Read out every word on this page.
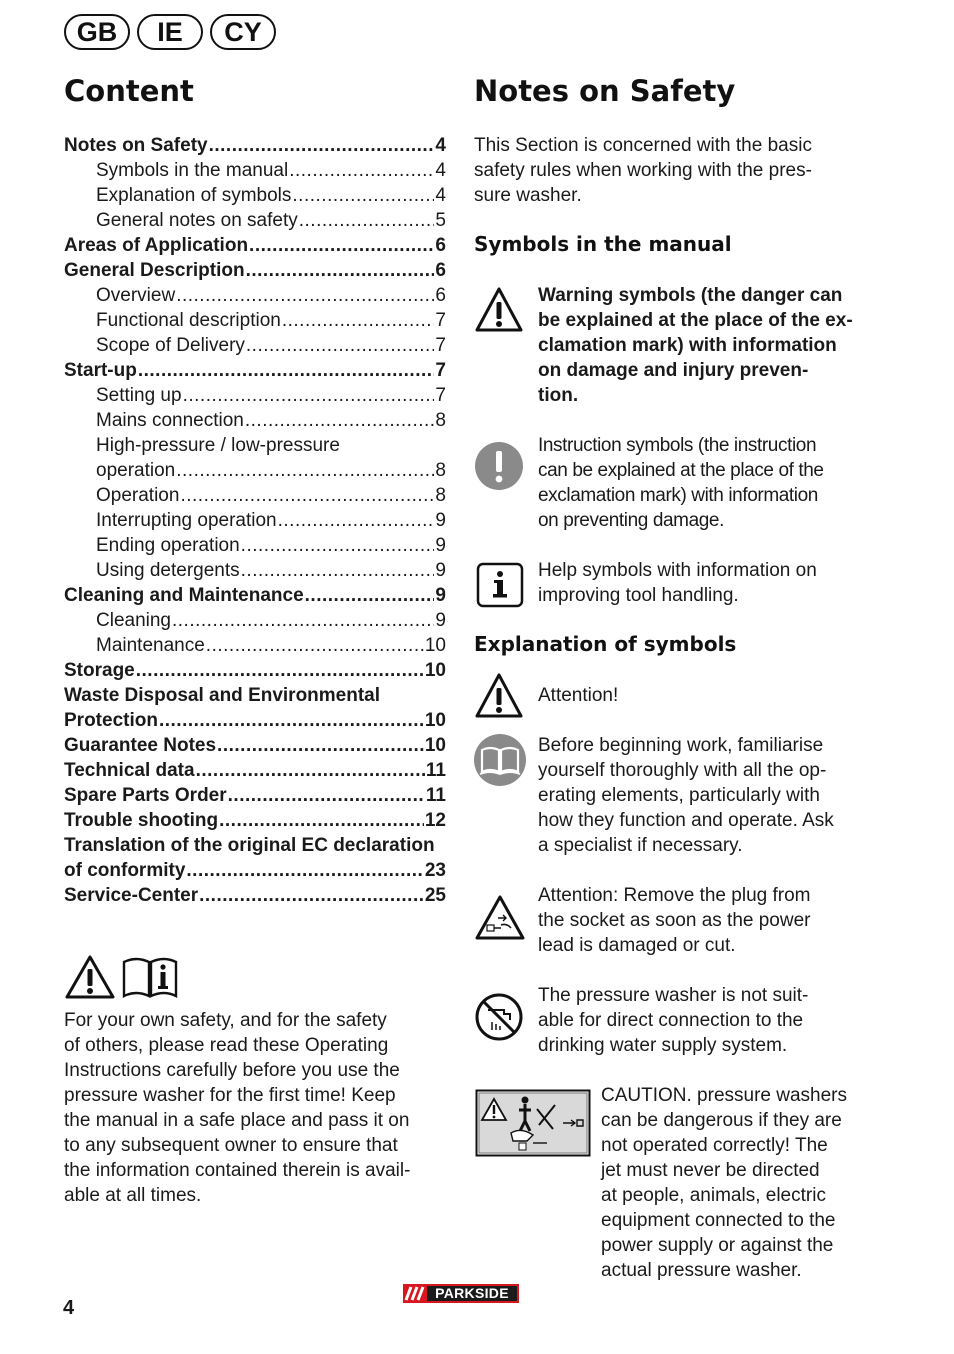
GB	IE	CY
Content
Notes on Safety .....	4
Symbols in the manual .....	4
Explanation of symbols .....	4
General notes on safety .....	5
Areas of Application .....	6
General Description .....	6
Overview .....	6
Functional description .....	7
Scope of Delivery .....	7
Start-up .....	7
Setting up .....	7
Mains connection .....	8
High-pressure / low-pressure
operation .....	8
Operation .....	8
Interrupting operation .....	9
Ending operation .....	9
Using detergents .....	9
Cleaning and Maintenance .....	9
Cleaning .....	9
Maintenance .....	10
Storage .....	10
Waste Disposal and Environmental
Protection .....	10
Guarantee Notes .....	10
Technical data .....	11
Spare Parts Order .....	11
Trouble shooting .....	12
Translation of the original EC declaration
of conformity .....	23
Service-Center .....	25

For your own safety, and for the safety

of others, please read these Operating

Instructions carefully before you use the

pressure washer for the first time! Keep

the manual in a safe place and pass it on

to any subsequent owner to ensure that

the information contained therein is avail-

able at all times.

Notes on Safety

This Section is concerned with the basic

safety rules when working with the pres-

sure washer.

Symbols in the manual

Warning symbols (the danger can

be explained at the place of the ex-

clamation mark) with information

on damage and injury preven-

tion.

Instruction symbols (the instruction

can be explained at the place of the

exclamation mark) with information

on preventing damage.

Help symbols with information on

improving tool handling.

Explanation of symbols

Attention!

Before beginning work, familiarise

yourself thoroughly with all the op-

erating elements, particularly with

how they function and operate. Ask

a specialist if necessary.

Attention: Remove the plug from

the socket as soon as the power

lead is damaged or cut.

The pressure washer is not suit-

able for direct connection to the

drinking water supply system.

CAUTION. pressure washers

can be dangerous if they are

not operated correctly! The

jet must never be directed

at people, animals, electric

equipment connected to the

power supply or against the

actual pressure washer.

4
PARKSIDE
